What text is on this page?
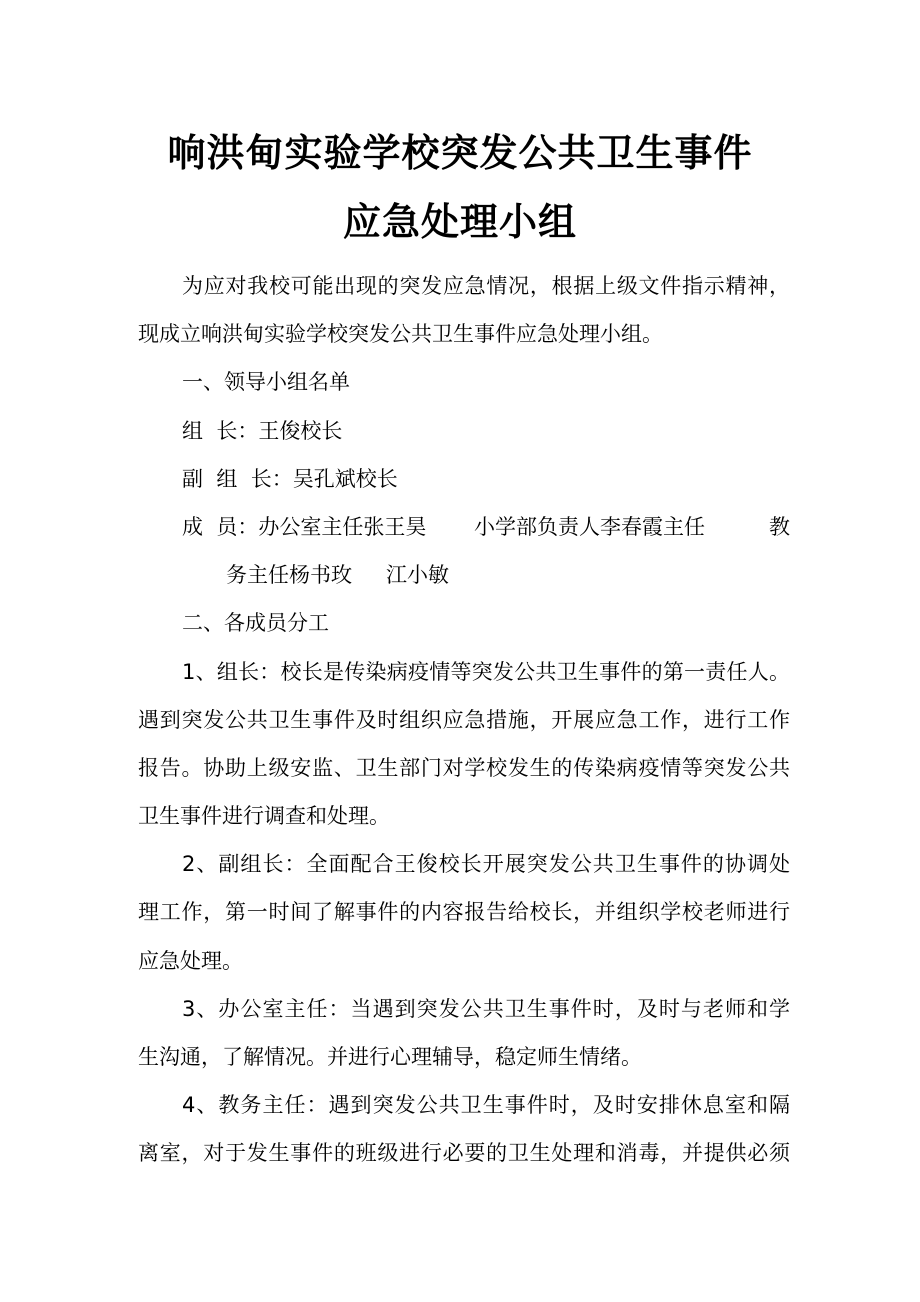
响洪甸实验学校突发公共卫生事件
应急处理小组
为应对我校可能出现的突发应急情况，根据上级文件指示精神，
现成立响洪甸实验学校突发公共卫生事件应急处理小组。
一、领导小组名单
组  长：王俊校长
副  组  长：吴孔斌校长
成  员：办公室主任张王昊 小学部负责人李春霞主任	教
务主任杨书玫 江小敏
二、各成员分工
1、组长：校长是传染病疫情等突发公共卫生事件的第一责任人。
遇到突发公共卫生事件及时组织应急措施，开展应急工作，进行工作
报告。协助上级安监、卫生部门对学校发生的传染病疫情等突发公共
卫生事件进行调查和处理。
2、副组长：全面配合王俊校长开展突发公共卫生事件的协调处
理工作，第一时间了解事件的内容报告给校长，并组织学校老师进行
应急处理。
3、办公室主任：当遇到突发公共卫生事件时，及时与老师和学
生沟通，了解情况。并进行心理辅导，稳定师生情绪。
4、教务主任：遇到突发公共卫生事件时，及时安排休息室和隔
离室，对于发生事件的班级进行必要的卫生处理和消毒，并提供必须
